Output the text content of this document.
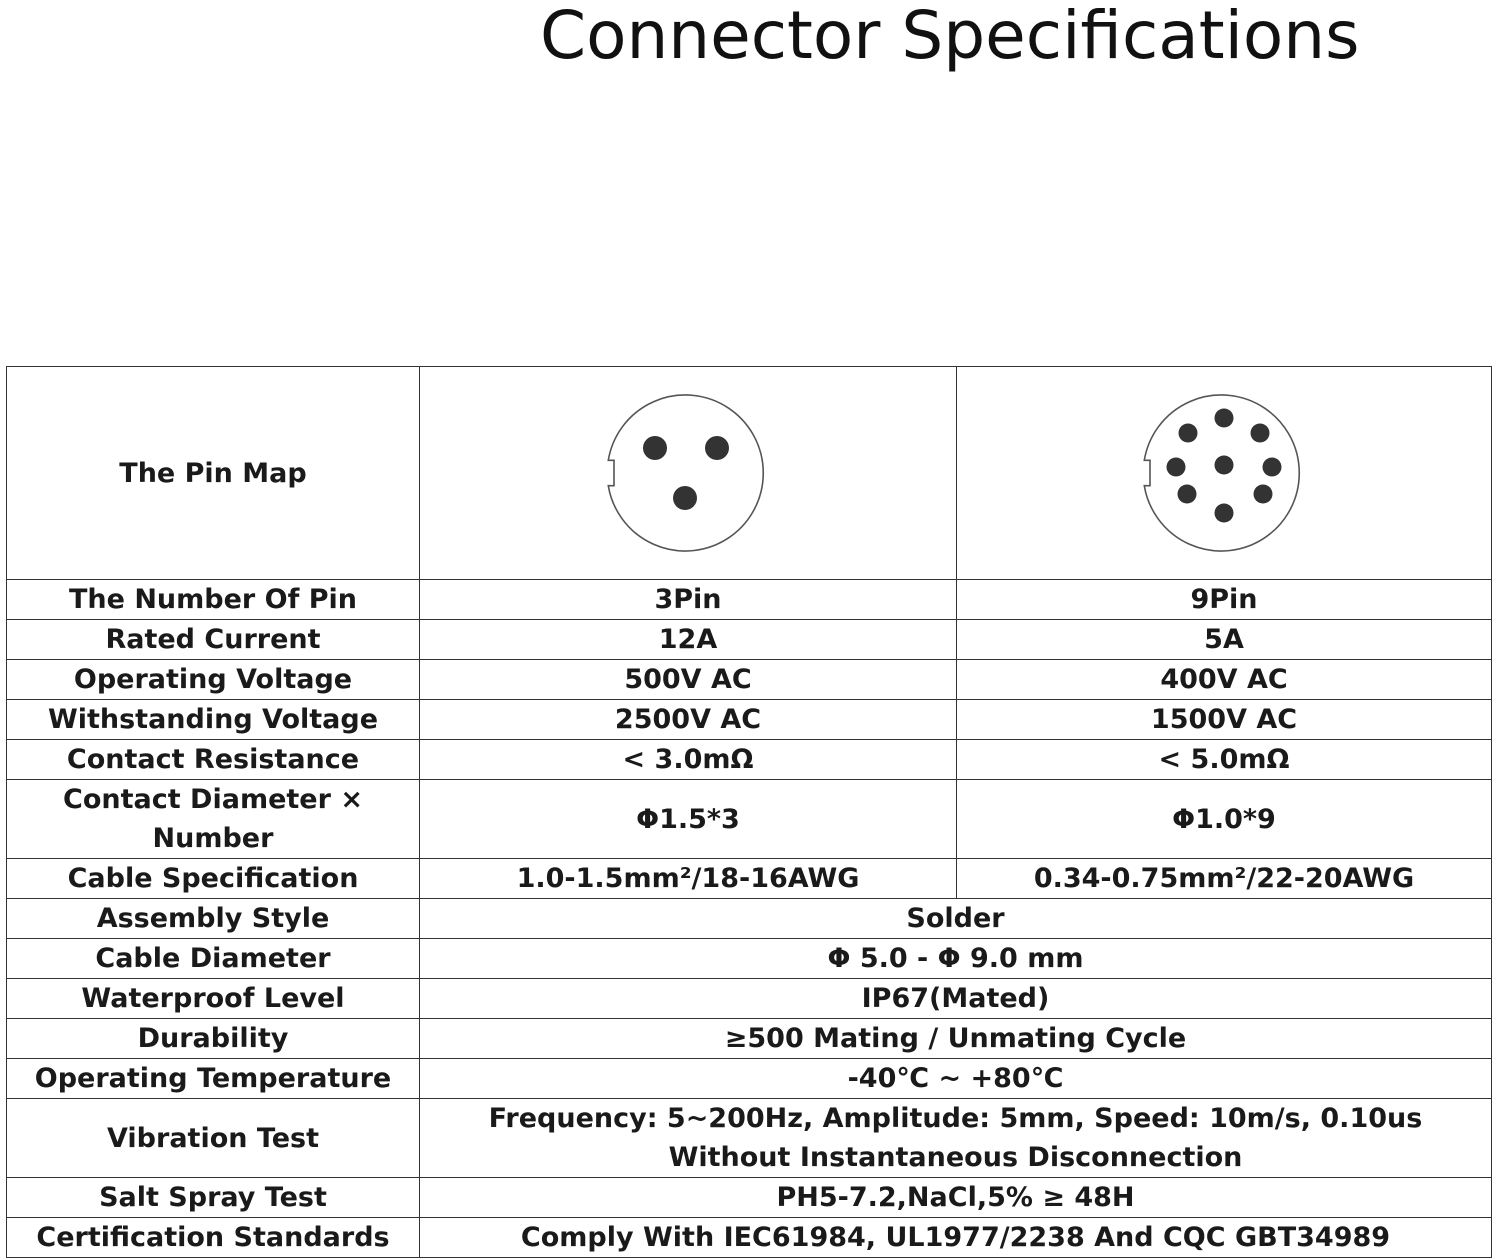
Connector Specifications
The Pin Map	

The Number Of Pin	3Pin	9Pin
Rated Current	12A	5A
Operating Voltage	500V AC	400V AC
Withstanding Voltage	2500V AC	1500V AC
Contact Resistance	< 3.0mΩ	< 5.0mΩ
Contact Diameter × Number	Φ1.5*3	Φ1.0*9
Cable Specification	1.0-1.5mm²/18-16AWG	0.34-0.75mm²/22-20AWG
Assembly Style	Solder	
Cable Diameter	Φ 5.0 - Φ 9.0 mm	
Waterproof Level	IP67(Mated)	
Durability	≥500 Mating / Unmating Cycle	
Operating Temperature	-40℃ ~ +80℃	
Vibration Test	Frequency: 5~200Hz, Amplitude: 5mm, Speed: 10m/s, 0.10us Without Instantaneous Disconnection	
Salt Spray Test	PH5-7.2,NaCl,5% ≥ 48H	
Certification Standards	Comply With IEC61984, UL1977/2238 And CQC GBT34989	
